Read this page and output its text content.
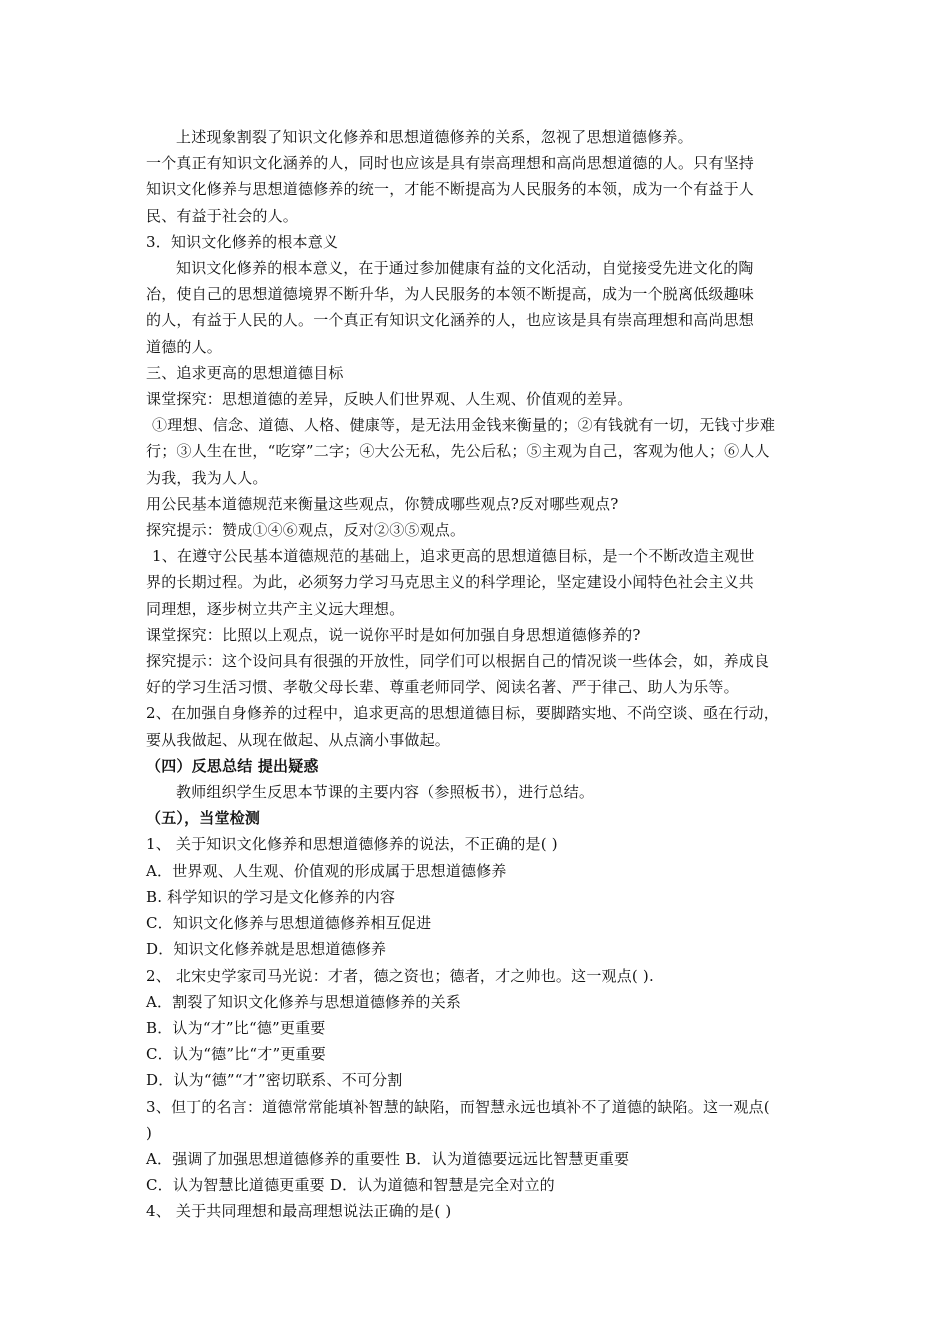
上述现象割裂了知识文化修养和思想道德修养的关系，忽视了思想道德修养。
一个真正有知识文化涵养的人，同时也应该是具有崇高理想和高尚思想道德的人。只有坚持
知识文化修养与思想道德修养的统一，才能不断提高为人民服务的本领，成为一个有益于人
民、有益于社会的人。
3．知识文化修养的根本意义
知识文化修养的根本意义，在于通过参加健康有益的文化活动，自觉接受先进文化的陶
冶，使自己的思想道德境界不断升华，为人民服务的本领不断提高，成为一个脱离低级趣味
的人，有益于人民的人。一个真正有知识文化涵养的人，也应该是具有崇高理想和高尚思想
道德的人。
三、追求更高的思想道德目标
课堂探究：思想道德的差异，反映人们世界观、人生观、价值观的差异。
①理想、信念、道德、人格、健康等，是无法用金钱来衡量的；②有钱就有一切，无钱寸步难
行；③人生在世，“吃穿”二字；④大公无私，先公后私；⑤主观为自己，客观为他人；⑥人人
为我，我为人人。
用公民基本道德规范来衡量这些观点，你赞成哪些观点?反对哪些观点?
探究提示：赞成①④⑥观点，反对②③⑤观点。
1、在遵守公民基本道德规范的基础上，追求更高的思想道德目标，是一个不断改造主观世
界的长期过程。为此，必须努力学习马克思主义的科学理论，坚定建设小闻特色社会主义共
同理想，逐步树立共产主义远大理想。
课堂探究：比照以上观点，说一说你平时是如何加强自身思想道德修养的?
探究提示：这个设问具有很强的开放性，同学们可以根据自己的情况谈一些体会，如，养成良
好的学习生活习惯、孝敬父母长辈、尊重老师同学、阅读名著、严于律己、助人为乐等。
2、在加强自身修养的过程中，追求更高的思想道德目标，要脚踏实地、不尚空谈、亟在行动，
要从我做起、从现在做起、从点滴小事做起。
（四）反思总结 提出疑惑
教师组织学生反思本节课的主要内容（参照板书），进行总结。
（五），当堂检测
1、 关于知识文化修养和思想道德修养的说法，不正确的是( )
A．世界观、人生观、价值观的形成属于思想道德修养
B. 科学知识的学习是文化修养的内容
C．知识文化修养与思想道德修养相互促进
D．知识文化修养就是思想道德修养
2、 北宋史学家司马光说：才者，德之资也；德者，才之帅也。这一观点( ).
A．割裂了知识文化修养与思想道德修养的关系
B．认为“才”比“德”更重要
C．认为“德”比“才”更重要
D．认为“德”“才”密切联系、不可分割
3、但丁的名言：道德常常能填补智慧的缺陷，而智慧永远也填补不了道德的缺陷。这一观点(
)
A．强调了加强思想道德修养的重要性 B．认为道德要远远比智慧更重要
C．认为智慧比道德更重要 D．认为道德和智慧是完全对立的
4、 关于共同理想和最高理想说法正确的是( )
